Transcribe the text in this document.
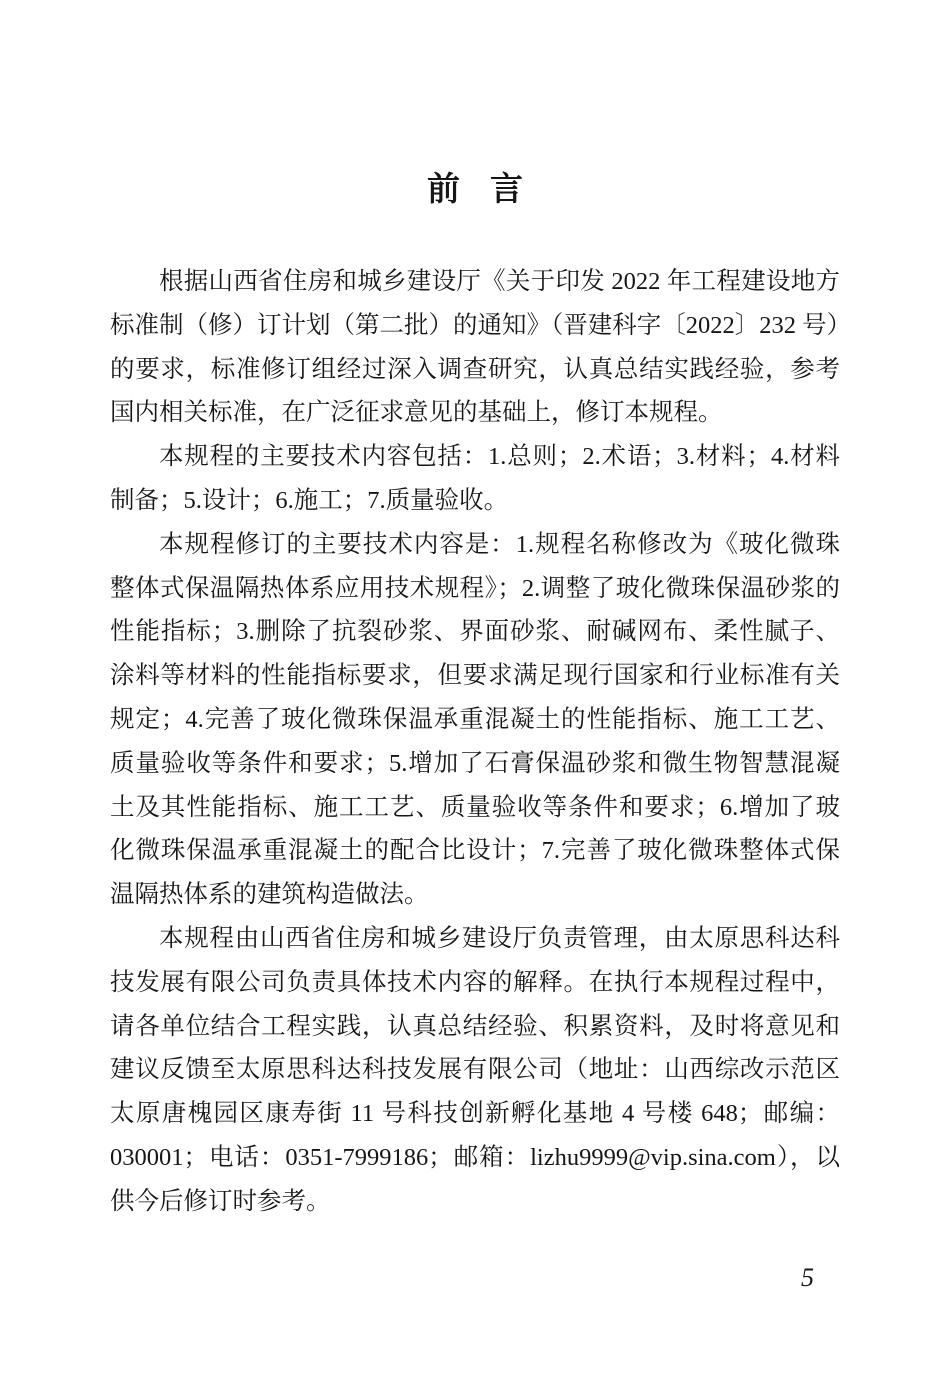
前言
根据山西省住房和城乡建设厅《关于印发 2022 年工程建设地方
标准制（修）订计划（第二批）的通知》（晋建科字〔2022〕232 号）
的要求，标准修订组经过深入调查研究，认真总结实践经验，参考
国内相关标准，在广泛征求意见的基础上，修订本规程。
本规程的主要技术内容包括：1.总则；2.术语；3.材料；4.材料
制备；5.设计；6.施工；7.质量验收。
本规程修订的主要技术内容是：1.规程名称修改为《玻化微珠
整体式保温隔热体系应用技术规程》；2.调整了玻化微珠保温砂浆的
性能指标；3.删除了抗裂砂浆、界面砂浆、耐碱网布、柔性腻子、
涂料等材料的性能指标要求，但要求满足现行国家和行业标准有关
规定；4.完善了玻化微珠保温承重混凝土的性能指标、施工工艺、
质量验收等条件和要求；5.增加了石膏保温砂浆和微生物智慧混凝
土及其性能指标、施工工艺、质量验收等条件和要求；6.增加了玻
化微珠保温承重混凝土的配合比设计；7.完善了玻化微珠整体式保
温隔热体系的建筑构造做法。
本规程由山西省住房和城乡建设厅负责管理，由太原思科达科
技发展有限公司负责具体技术内容的解释。在执行本规程过程中，
请各单位结合工程实践，认真总结经验、积累资料，及时将意见和
建议反馈至太原思科达科技发展有限公司（地址：山西综改示范区
太原唐槐园区康寿街 11 号科技创新孵化基地 4 号楼 648；邮编：
030001；电话：0351-7999186；邮箱：lizhu9999@vip.sina.com），以
供今后修订时参考。
5
